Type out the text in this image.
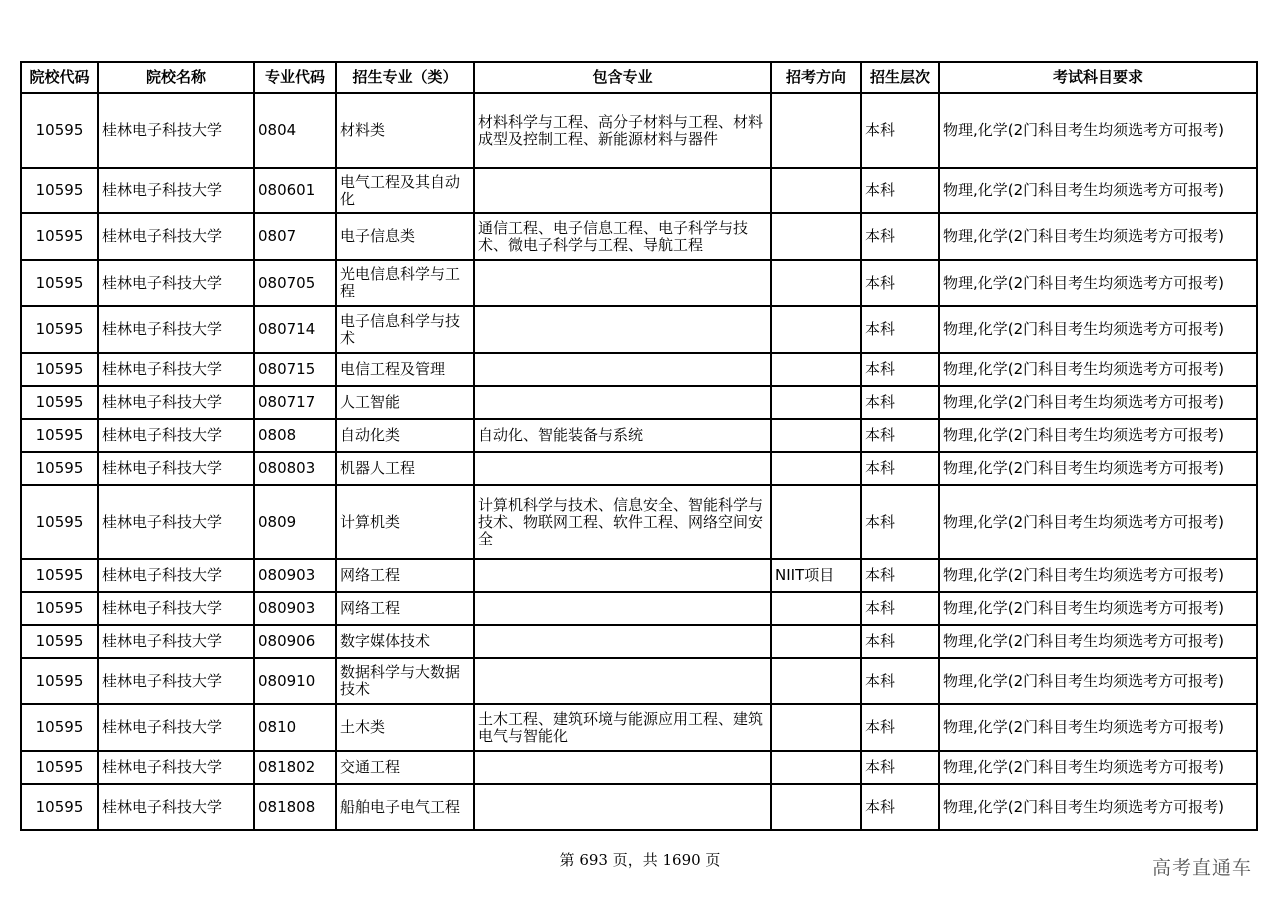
院校代码	院校名称	专业代码	招生专业（类）	包含专业	招考方向	招生层次	考试科目要求
10595	桂林电子科技大学	0804	材料类	材料科学与工程、高分子材料与工程、材料成型及控制工程、新能源材料与器件		本科	物理,化学(2门科目考生均须选考方可报考)
10595	桂林电子科技大学	080601	电气工程及其自动化			本科	物理,化学(2门科目考生均须选考方可报考)
10595	桂林电子科技大学	0807	电子信息类	通信工程、电子信息工程、电子科学与技术、微电子科学与工程、导航工程		本科	物理,化学(2门科目考生均须选考方可报考)
10595	桂林电子科技大学	080705	光电信息科学与工程			本科	物理,化学(2门科目考生均须选考方可报考)
10595	桂林电子科技大学	080714	电子信息科学与技术			本科	物理,化学(2门科目考生均须选考方可报考)
10595	桂林电子科技大学	080715	电信工程及管理			本科	物理,化学(2门科目考生均须选考方可报考)
10595	桂林电子科技大学	080717	人工智能			本科	物理,化学(2门科目考生均须选考方可报考)
10595	桂林电子科技大学	0808	自动化类	自动化、智能装备与系统		本科	物理,化学(2门科目考生均须选考方可报考)
10595	桂林电子科技大学	080803	机器人工程			本科	物理,化学(2门科目考生均须选考方可报考)
10595	桂林电子科技大学	0809	计算机类	计算机科学与技术、信息安全、智能科学与技术、物联网工程、软件工程、网络空间安全		本科	物理,化学(2门科目考生均须选考方可报考)
10595	桂林电子科技大学	080903	网络工程		NIIT项目	本科	物理,化学(2门科目考生均须选考方可报考)
10595	桂林电子科技大学	080903	网络工程			本科	物理,化学(2门科目考生均须选考方可报考)
10595	桂林电子科技大学	080906	数字媒体技术			本科	物理,化学(2门科目考生均须选考方可报考)
10595	桂林电子科技大学	080910	数据科学与大数据技术			本科	物理,化学(2门科目考生均须选考方可报考)
10595	桂林电子科技大学	0810	土木类	土木工程、建筑环境与能源应用工程、建筑电气与智能化		本科	物理,化学(2门科目考生均须选考方可报考)
10595	桂林电子科技大学	081802	交通工程			本科	物理,化学(2门科目考生均须选考方可报考)
10595	桂林电子科技大学	081808	船舶电子电气工程			本科	物理,化学(2门科目考生均须选考方可报考)
第 693 页，共 1690 页	高考直通车
